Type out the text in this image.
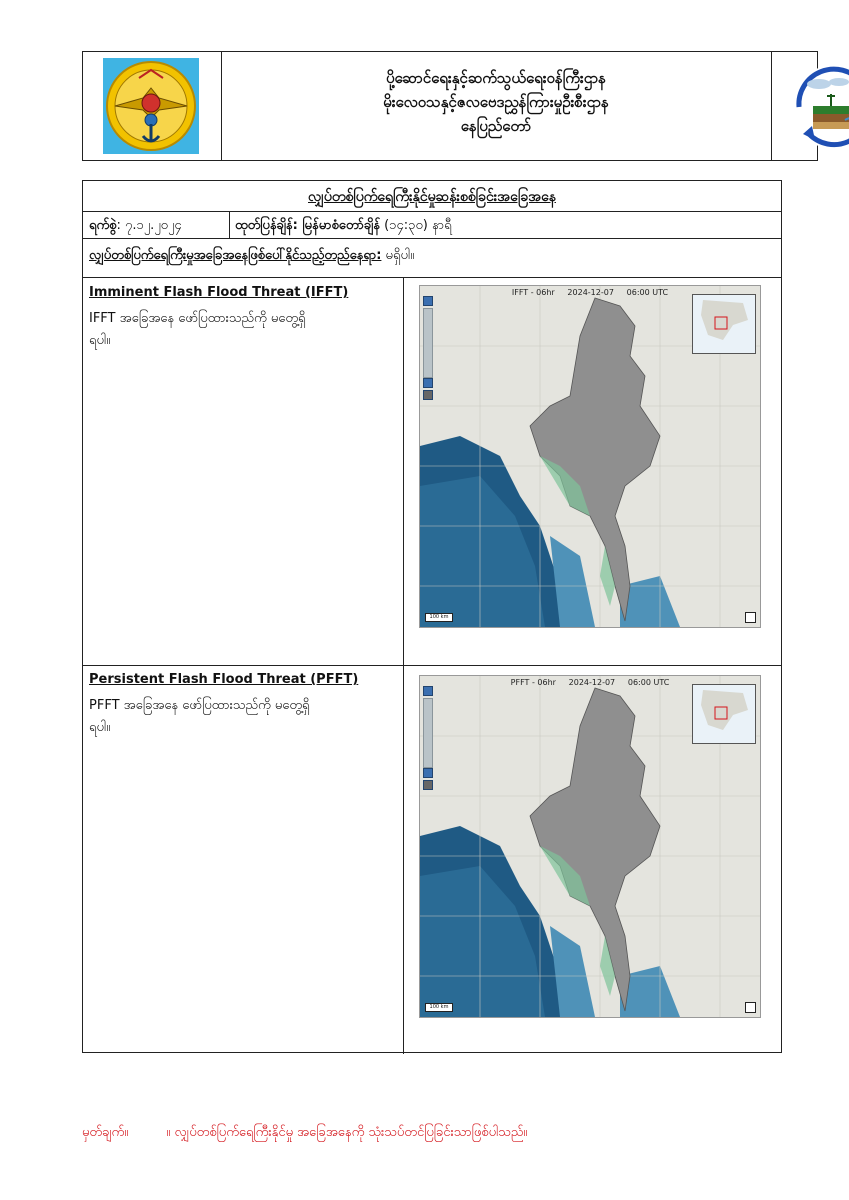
ပို့ဆောင်ရေးနှင့်ဆက်သွယ်ရေးဝန်ကြီးဌာန
မိုးလေဝသနှင့်ဇလဗေဒညွှန်ကြားမှုဦးစီးဌာန
နေပြည်တော်
လျှပ်တစ်ပြက်ရေကြီးနိုင်မှုဆန်းစစ်ခြင်းအခြေအနေ
ရက်စွဲ: ၇.၁၂.၂၀၂၄	ထုတ်ပြန်ချိန်: မြန်မာစံတော်ချိန် (၁၄:၃၀) နာရီ
လျှပ်တစ်ပြက်ရေကြီးမှုအခြေအနေဖြစ်ပေါ်နိုင်သည့်တည်နေရာ: မရှိပါ။
Imminent Flash Flood Threat (IFFT)
IFFT အခြေအနေ ဖော်ပြထားသည်ကို မတွေ့ရှိ
ရပါ။
IFFT - 06hr 2024-12-07 06:00 UTC
100 km
Persistent Flash Flood Threat (PFFT)
PFFT အခြေအနေ ဖော်ပြထားသည်ကို မတွေ့ရှိ
ရပါ။
PFFT - 06hr 2024-12-07 06:00 UTC
100 km
မှတ်ချက်။	။ လျှပ်တစ်ပြက်ရေကြီးနိုင်မှု အခြေအနေကို သုံးသပ်တင်ပြခြင်းသာဖြစ်ပါသည်။
